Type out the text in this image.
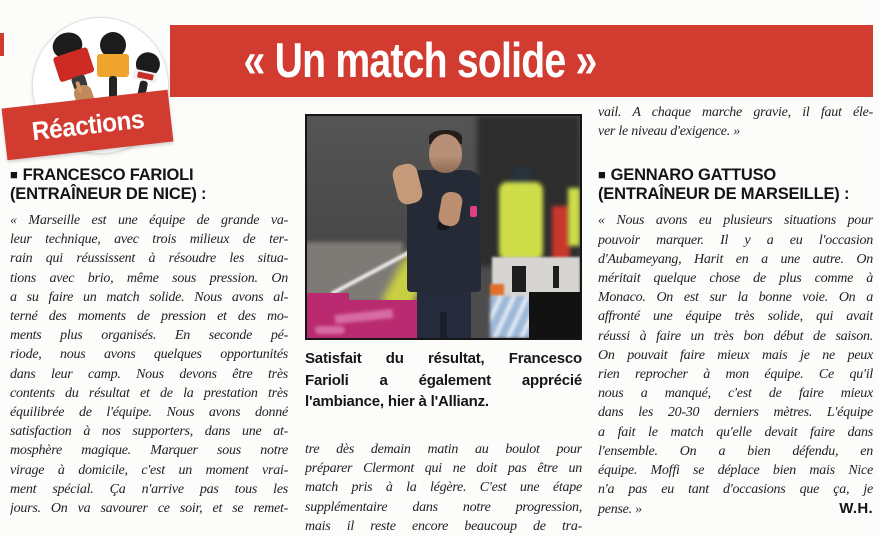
Réactions
« Un match solide »
■ FRANCESCO FARIOLI
(ENTRAÎNEUR DE NICE) :
« Marseille est une équipe de grande va-
leur technique, avec trois milieux de ter-
rain qui réussissent à résoudre les situa-
tions avec brio, même sous pression. On
a su faire un match solide. Nous avons al-
terné des moments de pression et des mo-
ments plus organisés. En seconde pé-
riode, nous avons quelques opportunités
dans leur camp. Nous devons être très
contents du résultat et de la prestation très
équilibrée de l'équipe. Nous avons donné
satisfaction à nos supporters, dans une at-
mosphère magique. Marquer sous notre
virage à domicile, c'est un moment vrai-
ment spécial. Ça n'arrive pas tous les
jours. On va savourer ce soir, et se remet-
Satisfait du résultat, Francesco
Farioli a également apprécié
l'ambiance, hier à l'Allianz.
tre dès demain matin au boulot pour
préparer Clermont qui ne doit pas être un
match pris à la légère. C'est une étape
supplémentaire dans notre progression,
mais il reste encore beaucoup de tra-
vail. A chaque marche gravie, il faut éle-
ver le niveau d'exigence. »
■ GENNARO GATTUSO
(ENTRAÎNEUR DE MARSEILLE) :
« Nous avons eu plusieurs situations pour
pouvoir marquer. Il y a eu l'occasion
d'Aubameyang, Harit en a une autre. On
méritait quelque chose de plus comme à
Monaco. On est sur la bonne voie. On a
affronté une équipe très solide, qui avait
réussi à faire un très bon début de saison.
On pouvait faire mieux mais je ne peux
rien reprocher à mon équipe. Ce qu'il
nous a manqué, c'est de faire mieux
dans les 20-30 derniers mètres. L'équipe
a fait le match qu'elle devait faire dans
l'ensemble. On a bien défendu, en
équipe. Moffi se déplace bien mais Nice
n'a pas eu tant d'occasions que ça, je
pense. »	W.H.
